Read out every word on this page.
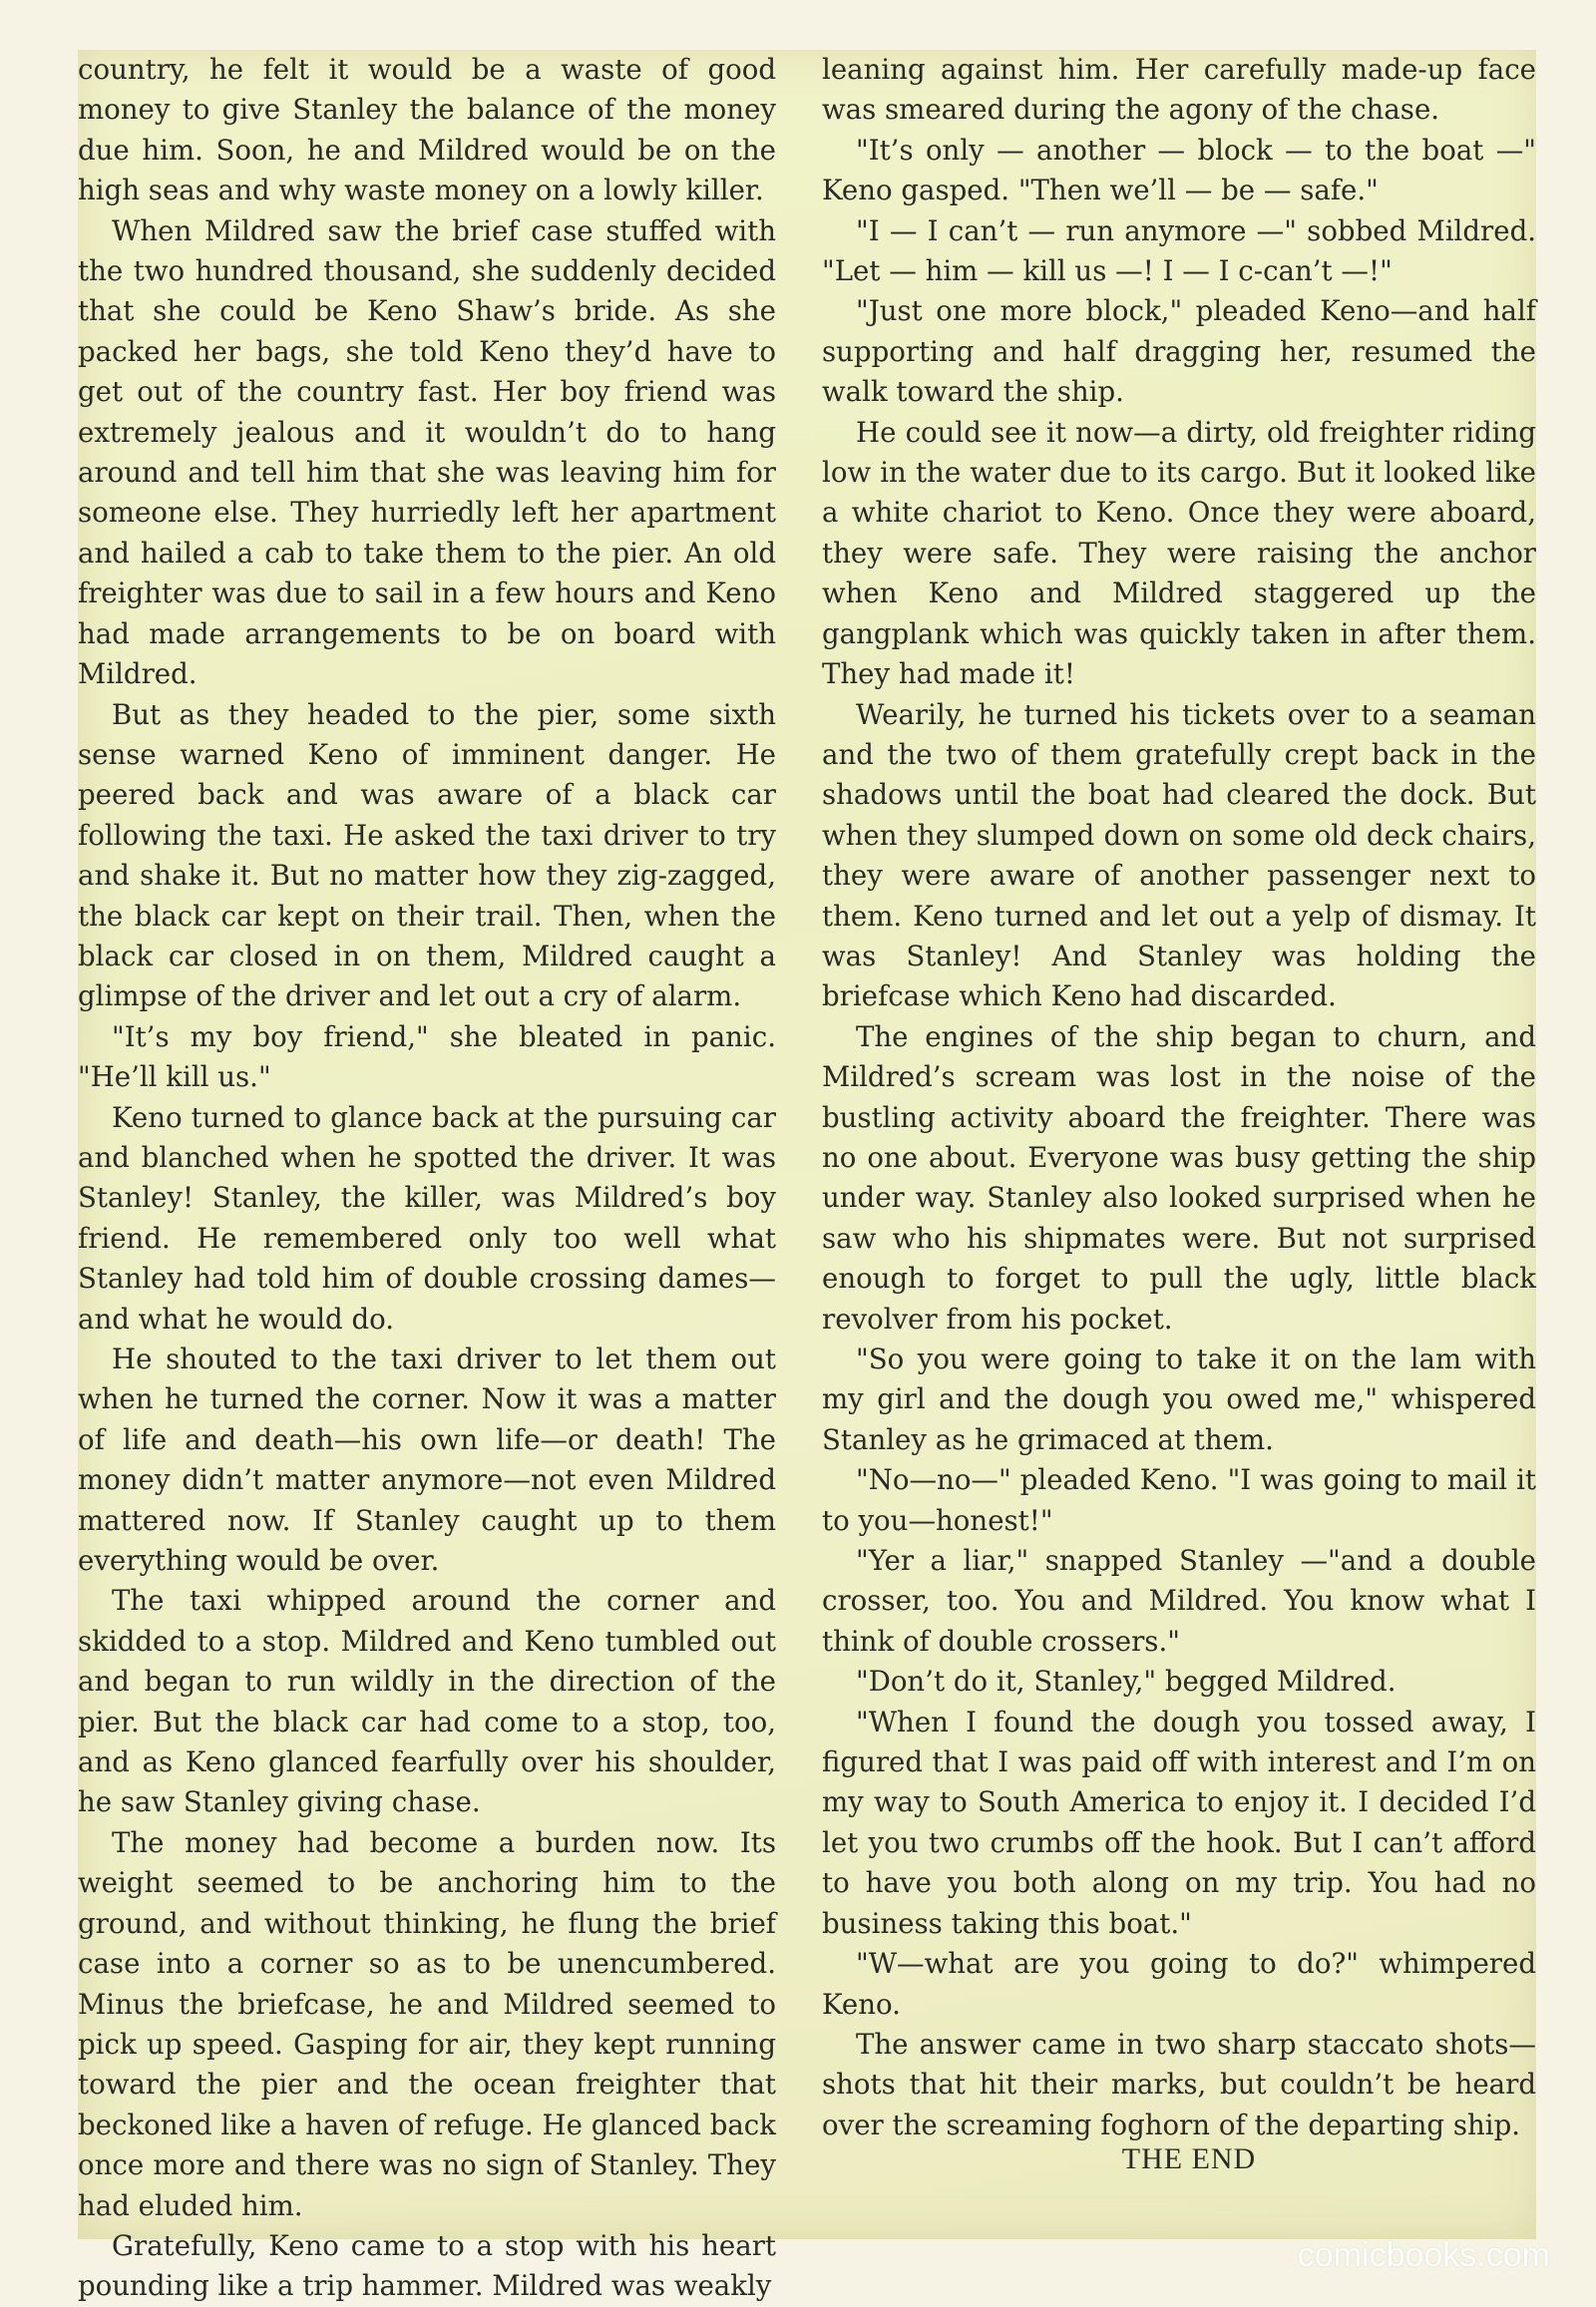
country, he felt it would be a waste of good money to give Stanley the balance of the money due him. Soon, he and Mildred would be on the high seas and why waste money on a lowly killer.

When Mildred saw the brief case stuffed with the two hundred thousand, she suddenly decided that she could be Keno Shaw’s bride. As she packed her bags, she told Keno they’d have to get out of the country fast. Her boy friend was extremely jealous and it wouldn’t do to hang around and tell him that she was leaving him for someone else. They hurriedly left her apartment and hailed a cab to take them to the pier. An old freighter was due to sail in a few hours and Keno had made arrangements to be on board with Mildred.

But as they headed to the pier, some sixth sense warned Keno of imminent danger. He peered back and was aware of a black car following the taxi. He asked the taxi driver to try and shake it. But no matter how they zig-zagged, the black car kept on their trail. Then, when the black car closed in on them, Mildred caught a glimpse of the driver and let out a cry of alarm.

"It’s my boy friend," she bleated in panic. "He’ll kill us."

Keno turned to glance back at the pursuing car and blanched when he spotted the driver. It was Stanley! Stanley, the killer, was Mildred’s boy friend. He remembered only too well what Stanley had told him of double crossing dames—and what he would do.

He shouted to the taxi driver to let them out when he turned the corner. Now it was a matter of life and death—his own life—or death! The money didn’t matter anymore—not even Mildred mattered now. If Stanley caught up to them everything would be over.

The taxi whipped around the corner and skidded to a stop. Mildred and Keno tumbled out and began to run wildly in the direction of the pier. But the black car had come to a stop, too, and as Keno glanced fearfully over his shoulder, he saw Stanley giving chase.

The money had become a burden now. Its weight seemed to be anchoring him to the ground, and without thinking, he flung the brief case into a corner so as to be unencumbered. Minus the briefcase, he and Mildred seemed to pick up speed. Gasping for air, they kept running toward the pier and the ocean freighter that beckoned like a haven of refuge. He glanced back once more and there was no sign of Stanley. They had eluded him.

Gratefully, Keno came to a stop with his heart pounding like a trip hammer. Mildred was weakly

leaning against him. Her carefully made-up face was smeared during the agony of the chase.

"It’s only — another — block — to the boat —" Keno gasped. "Then we’ll — be — safe."

"I — I can’t — run anymore —" sobbed Mildred. "Let — him — kill us —! I — I c-can’t —!"

"Just one more block," pleaded Keno—and half supporting and half dragging her, resumed the walk toward the ship.

He could see it now—a dirty, old freighter riding low in the water due to its cargo. But it looked like a white chariot to Keno. Once they were aboard, they were safe. They were raising the anchor when Keno and Mildred staggered up the gangplank which was quickly taken in after them. They had made it!

Wearily, he turned his tickets over to a seaman and the two of them gratefully crept back in the shadows until the boat had cleared the dock. But when they slumped down on some old deck chairs, they were aware of another passenger next to them. Keno turned and let out a yelp of dismay. It was Stanley! And Stanley was holding the briefcase which Keno had discarded.

The engines of the ship began to churn, and Mildred’s scream was lost in the noise of the bustling activity aboard the freighter. There was no one about. Everyone was busy getting the ship under way. Stanley also looked surprised when he saw who his shipmates were. But not surprised enough to forget to pull the ugly, little black revolver from his pocket.

"So you were going to take it on the lam with my girl and the dough you owed me," whispered Stanley as he grimaced at them.

"No—no—" pleaded Keno. "I was going to mail it to you—honest!"

"Yer a liar," snapped Stanley —"and a double crosser, too. You and Mildred. You know what I think of double crossers."

"Don’t do it, Stanley," begged Mildred.

"When I found the dough you tossed away, I figured that I was paid off with interest and I’m on my way to South America to enjoy it. I decided I’d let you two crumbs off the hook. But I can’t afford to have you both along on my trip. You had no business taking this boat."

"W—what are you going to do?" whimpered Keno.

The answer came in two sharp staccato shots—shots that hit their marks, but couldn’t be heard over the screaming foghorn of the departing ship.

THE END
comicbooks.com
